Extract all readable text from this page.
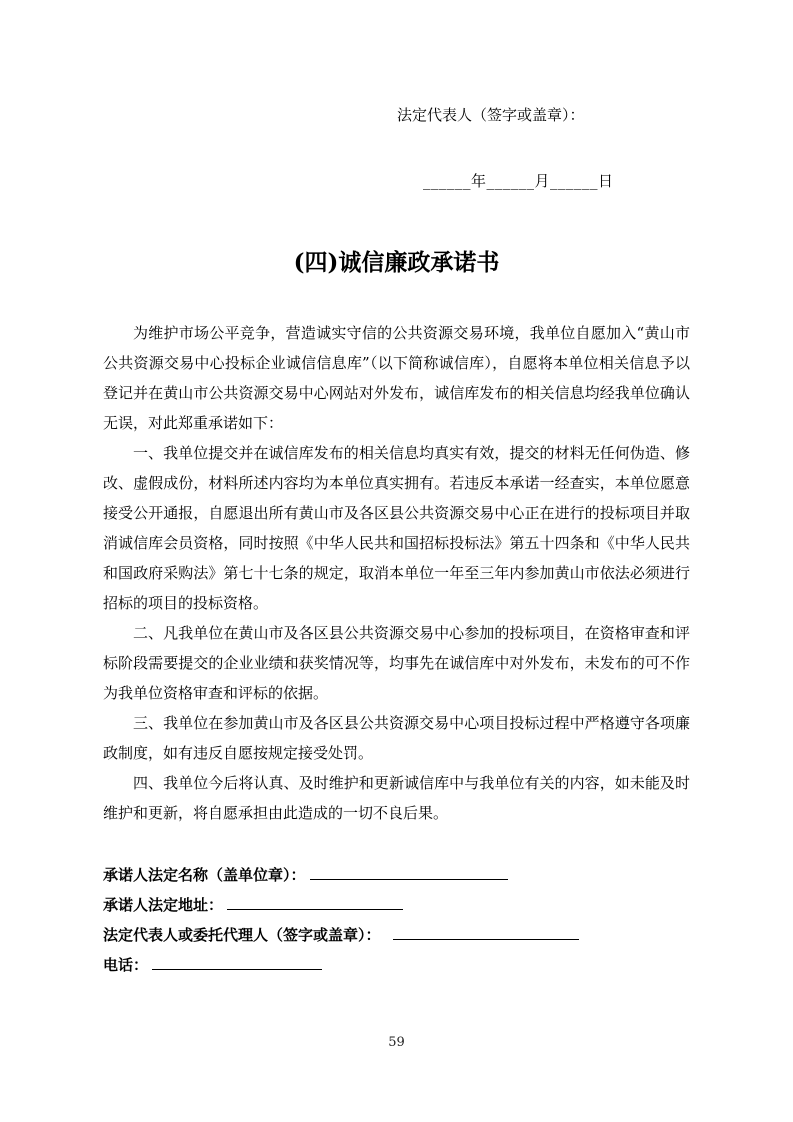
法定代表人（签字或盖章）：
______年______月______日
(四)诚信廉政承诺书

为维护市场公平竞争，营造诚实守信的公共资源交易环境，我单位自愿加入“黄山市公共资源交易中心投标企业诚信信息库”（以下简称诚信库），自愿将本单位相关信息予以登记并在黄山市公共资源交易中心网站对外发布，诚信库发布的相关信息均经我单位确认无误，对此郑重承诺如下：

一、我单位提交并在诚信库发布的相关信息均真实有效，提交的材料无任何伪造、修改、虚假成份，材料所述内容均为本单位真实拥有。若违反本承诺一经查实，本单位愿意接受公开通报，自愿退出所有黄山市及各区县公共资源交易中心正在进行的投标项目并取消诚信库会员资格，同时按照《中华人民共和国招标投标法》第五十四条和《中华人民共和国政府采购法》第七十七条的规定，取消本单位一年至三年内参加黄山市依法必须进行招标的项目的投标资格。

二、凡我单位在黄山市及各区县公共资源交易中心参加的投标项目，在资格审查和评标阶段需要提交的企业业绩和获奖情况等，均事先在诚信库中对外发布，未发布的可不作为我单位资格审查和评标的依据。

三、我单位在参加黄山市及各区县公共资源交易中心项目投标过程中严格遵守各项廉政制度，如有违反自愿按规定接受处罚。

四、我单位今后将认真、及时维护和更新诚信库中与我单位有关的内容，如未能及时维护和更新，将自愿承担由此造成的一切不良后果。

承诺人法定名称（盖单位章）：
承诺人法定地址：
法定代表人或委托代理人（签字或盖章）：
电话：
59
